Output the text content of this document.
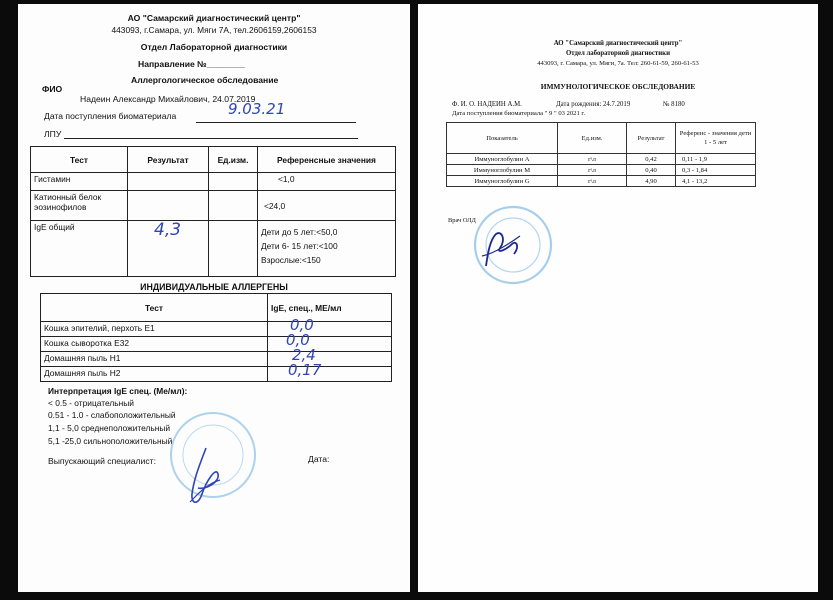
АО "Самарский диагностический центр"
443093, г.Самара, ул. Мяги 7А, тел.2606159,2606153
Отдел Лабораторной диагностики
Направление №________
Аллергологическое обследование
ФИО
Надеин Александр Михайлович, 24.07.2019
Дата поступления биоматериала	9.03.21
ЛПУ
Тест	Результат	Ед.изм.	Референсные значения
Гистамин			<1,0
Катионный белок эозинофилов			<24,0
IgE общий	4,3		Дети до 5 лет:<50,0
Дети 6- 15 лет:<100
Взрослые:<150
ИНДИВИДУАЛЬНЫЕ АЛЛЕРГЕНЫ
Тест	IgE, спец., МЕ/мл
Кошка эпителий, перхоть E1	0,0

Кошка сыворотка E32	0,0

Домашняя пыль H1	2,4

Домашняя пыль H2	0,17
Интерпретация IgE спец. (Ме/мл):
< 0.5 - отрицательный
0.51 - 1.0 - слабоположительный
1,1 - 5,0 среднеположительный
5,1 -25,0 сильноположительный
Выпускающий специалист:	Дата:
АО "Самарский диагностический центр"
Отдел лабораторной диагностики
443093, г. Самара, ул. Мяги, 7а. Тел: 260-61-59, 260-61-53
ИММУНОЛОГИЧЕСКОЕ ОБСЛЕДОВАНИЕ
Ф. И. О. НАДЕИН А.М.	Дата рождения: 24.7.2019	№ 8180
Дата поступления биоматериала " 9 " 03 2021 г.
Показатель	Ед.изм.	Результат	Референс - значения дети 1 - 5 лет
Иммуноглобулин А	г\л	0,42	0,11 - 1,9
Иммуноглобулин М	г\л	0,40	0,3 - 1,84
Иммуноглобулин G	г\л	4,90	4,1 - 13,2
Врач ОЛД
